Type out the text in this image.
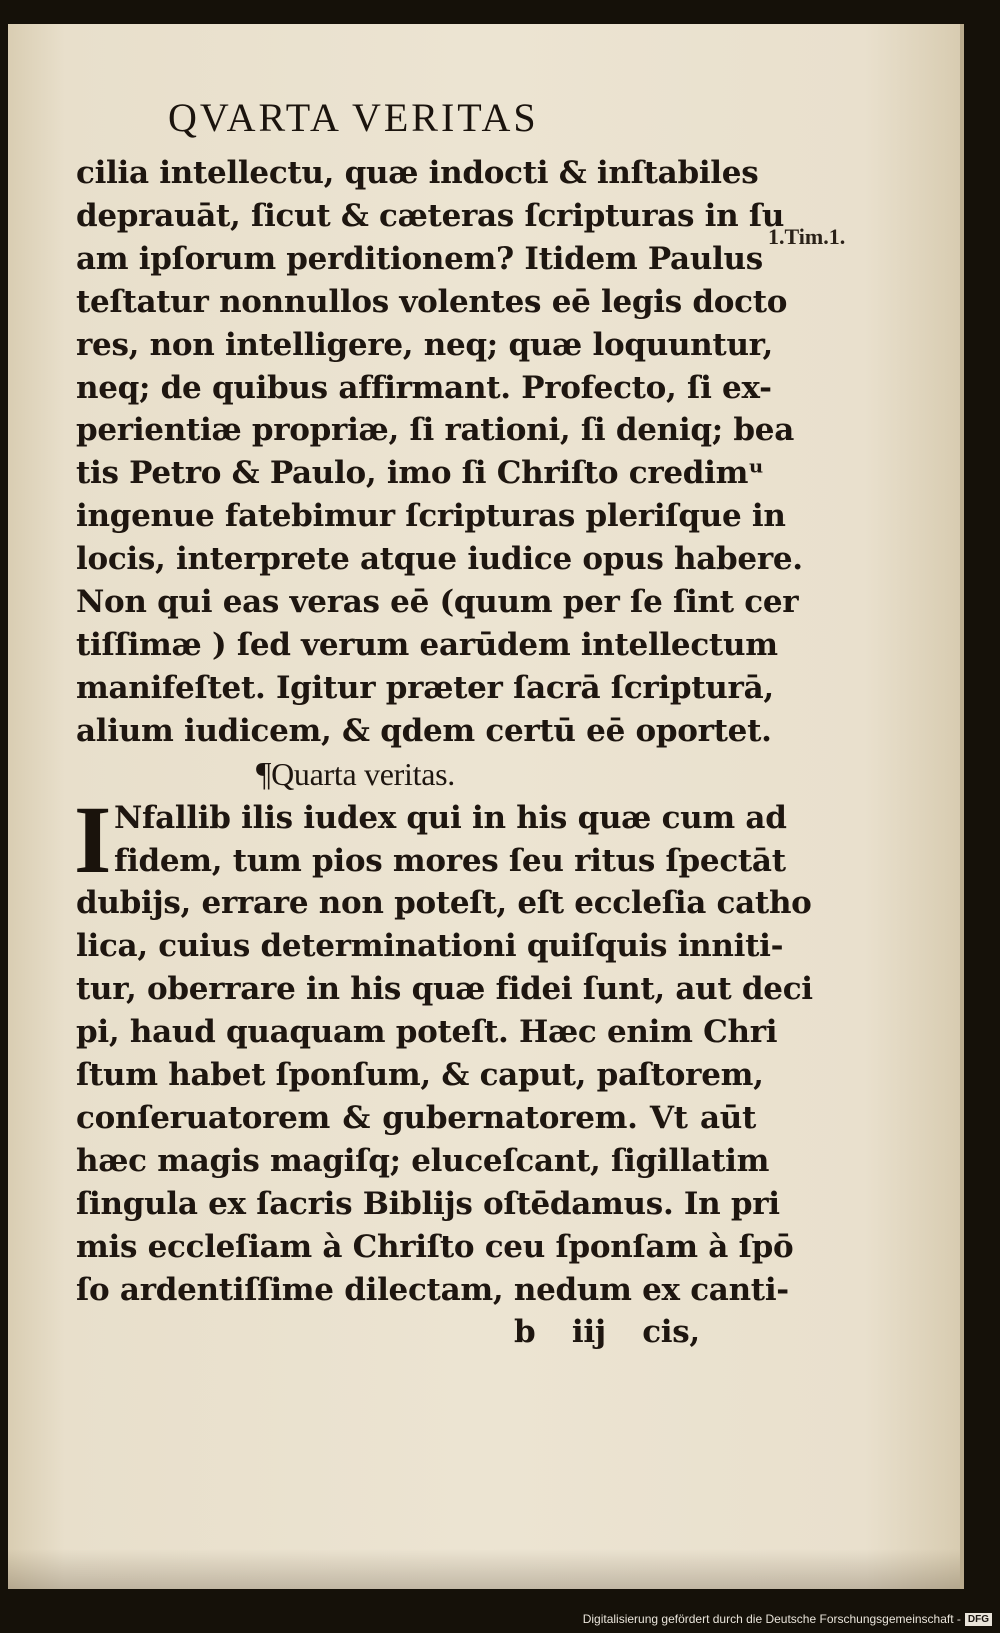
QVARTA VERITAS
1.Tim.1.
cilia intellectu, quæ indocti & inſtabiles
deprauāt, ſicut & cæteras ſcripturas in ſu
am ipſorum perditionem? Itidem Paulus
teſtatur nonnullos volentes eē legis docto
res, non intelligere, neq; quæ loquuntur,
neq; de quibus affirmant. Profecto, ſi ex-
perientiæ propriæ, ſi rationi, ſi deniq; bea
tis Petro & Paulo, imo ſi Chriſto credimᵘ
ingenue fatebimur ſcripturas pleriſque in
locis, interprete atque iudice opus habere.
Non qui eas veras eē (quum per ſe ſint cer
tiſſimæ ) ſed verum earūdem intellectum
manifeſtet. Igitur præter ſacrā ſcripturā,
alium iudicem, & qdem certū eē oportet.
¶Quarta veritas.
I Nfallib ilis iudex qui in his quæ cum ad
fidem, tum pios mores ſeu ritus ſpectāt
dubijs, errare non poteſt, eſt eccleſia catho
lica, cuius determinationi quiſquis inniti-
tur, oberrare in his quæ fidei ſunt, aut deci
pi, haud quaquam poteſt. Hæc enim Chri
ſtum habet ſponſum, & caput, paſtorem,
conſeruatorem & gubernatorem. Vt aūt
hæc magis magiſq; eluceſcant, ſigillatim
ſingula ex ſacris Biblijs oſtēdamus. In pri
mis eccleſiam à Chriſto ceu ſponſam à ſpō
ſo ardentiſſime dilectam, nedum ex canti-
b iij cis,
Digitalisierung gefördert durch die Deutsche Forschungsgemeinschaft - DFG
